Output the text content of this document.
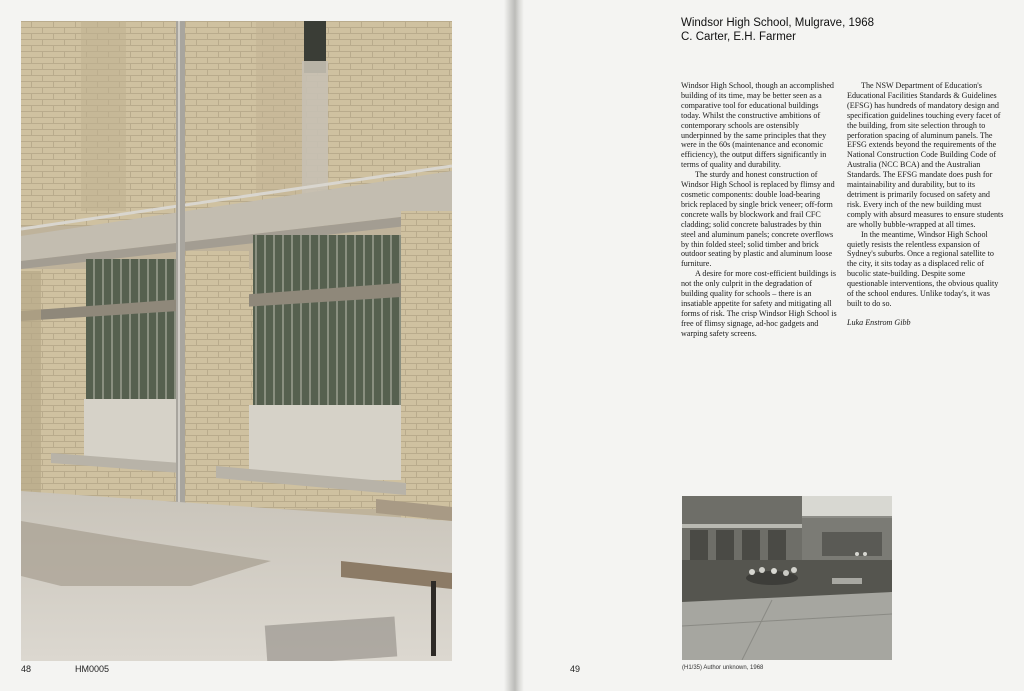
48	HM0005
Windsor High School, Mulgrave, 1968
C. Carter, E.H. Farmer

Windsor High School, though an accomplished building of its time, may be better seen as a comparative tool for educational buildings today. Whilst the constructive ambitions of contemporary schools are ostensibly underpinned by the same principles that they were in the 60s (maintenance and economic efficiency), the output differs significantly in terms of quality and durability.

The sturdy and honest construction of Windsor High School is replaced by flimsy and cosmetic components: double load-bearing brick replaced by single brick veneer; off-form concrete walls by blockwork and frail CFC cladding; solid concrete balustrades by thin steel and aluminum panels; concrete overflows by thin folded steel; solid timber and brick outdoor seating by plastic and aluminum loose furniture.

A desire for more cost-efficient buildings is not the only culprit in the degradation of building quality for schools – there is an insatiable appetite for safety and mitigating all forms of risk. The crisp Windsor High School is free of flimsy signage, ad-hoc gadgets and warping safety screens.

The NSW Department of Education's Educational Facilities Standards & Guidelines (EFSG) has hundreds of mandatory design and specification guidelines touching every facet of the building, from site selection through to perforation spacing of aluminum panels. The EFSG extends beyond the requirements of the National Construction Code Building Code of Australia (NCC BCA) and the Australian Standards. The EFSG mandate does push for maintainability and durability, but to its detriment is primarily focused on safety and risk. Every inch of the new building must comply with absurd measures to ensure students are wholly bubble-wrapped at all times.

In the meantime, Windsor High School quietly resists the relentless expansion of Sydney's suburbs. Once a regional satellite to the city, it sits today as a displaced relic of bucolic state-building. Despite some questionable interventions, the obvious quality of the school endures. Unlike today's, it was built to do so.

Luka Enstrom Gibb

49	(H1/35) Author unknown, 1968
